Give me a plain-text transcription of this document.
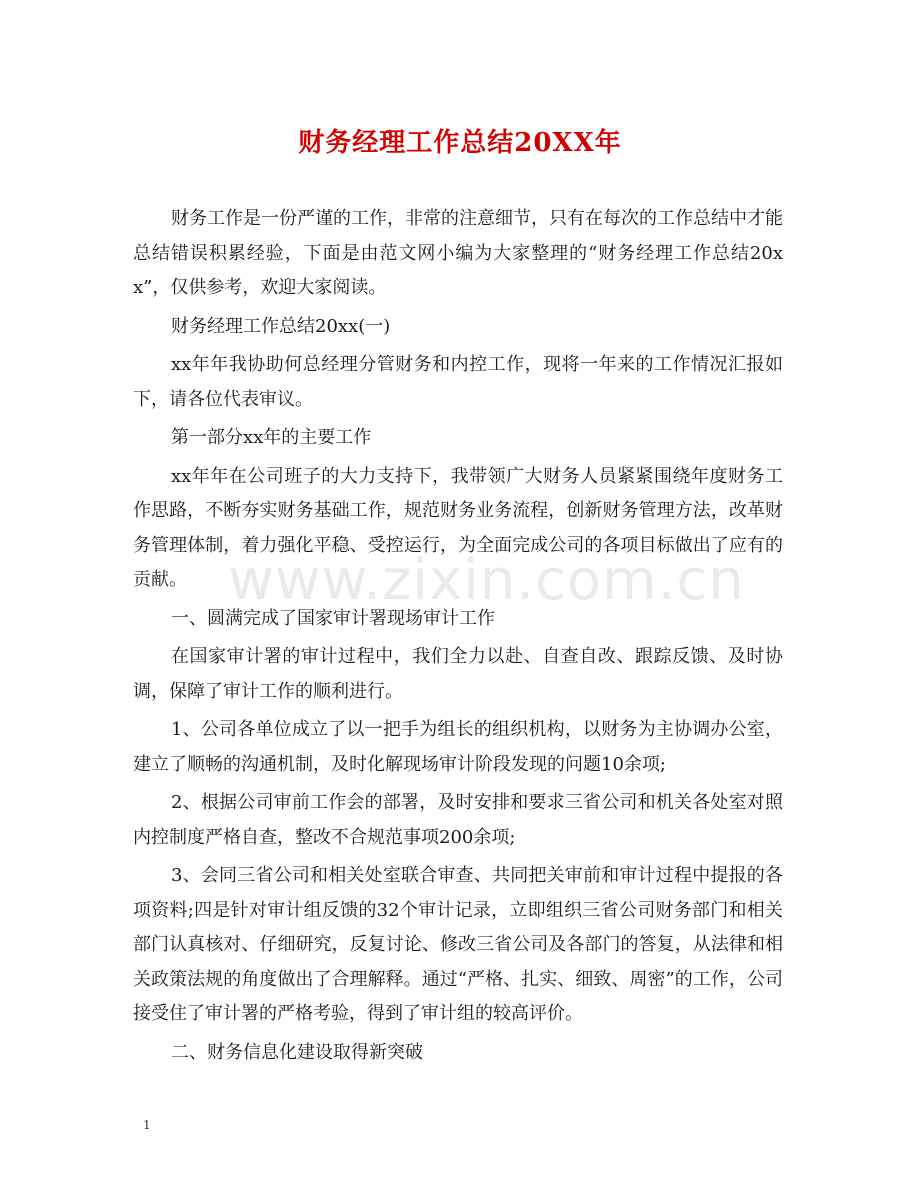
财务经理工作总结20XX年

财务工作是一份严谨的工作，非常的注意细节，只有在每次的工作总结中才能总结错误积累经验，下面是由范文网小编为大家整理的“财务经理工作总结20xx”，仅供参考，欢迎大家阅读。

财务经理工作总结20xx(一)

xx年年我协助何总经理分管财务和内控工作，现将一年来的工作情况汇报如下，请各位代表审议。

第一部分xx年的主要工作

xx年年在公司班子的大力支持下，我带领广大财务人员紧紧围绕年度财务工作思路，不断夯实财务基础工作，规范财务业务流程，创新财务管理方法，改革财务管理体制，着力强化平稳、受控运行，为全面完成公司的各项目标做出了应有的贡献。

一、圆满完成了国家审计署现场审计工作

在国家审计署的审计过程中，我们全力以赴、自查自改、跟踪反馈、及时协调，保障了审计工作的顺利进行。

1、公司各单位成立了以一把手为组长的组织机构，以财务为主协调办公室，建立了顺畅的沟通机制，及时化解现场审计阶段发现的问题10余项;

2、根据公司审前工作会的部署，及时安排和要求三省公司和机关各处室对照内控制度严格自查，整改不合规范事项200余项;

3、会同三省公司和相关处室联合审查、共同把关审前和审计过程中提报的各项资料;四是针对审计组反馈的32个审计记录，立即组织三省公司财务部门和相关部门认真核对、仔细研究，反复讨论、修改三省公司及各部门的答复，从法律和相关政策法规的角度做出了合理解释。通过“严格、扎实、细致、周密”的工作，公司接受住了审计署的严格考验，得到了审计组的较高评价。

二、财务信息化建设取得新突破

www.zixin.com.cn
1
